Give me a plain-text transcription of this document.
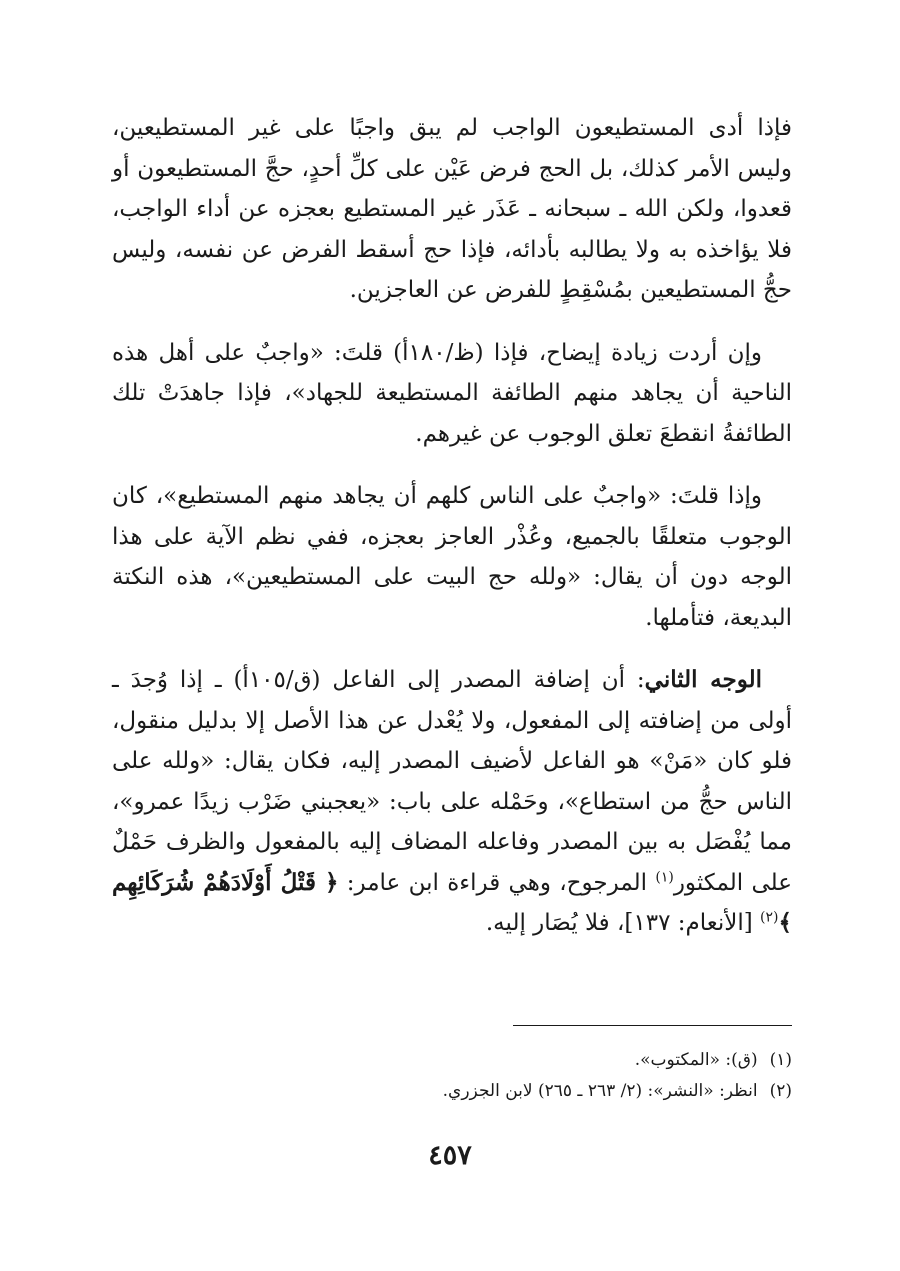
فإذا أدى المستطيعون الواجب لم يبق واجبًا على غير المستطيعين، وليس الأمر كذلك، بل الحج فرض عَيْن على كلِّ أحدٍ، حجَّ المستطيعون أو قعدوا، ولكن الله ـ سبحانه ـ عَذَر غير المستطيع بعجزه عن أداء الواجب، فلا يؤاخذه به ولا يطالبه بأدائه، فإذا حج أسقط الفرض عن نفسه، وليس حجُّ المستطيعين بمُسْقِطٍ للفرض عن العاجزين.

وإن أردت زيادة إيضاح، فإذا (ظ/١٨٠أ) قلتَ: «واجبٌ على أهل هذه الناحية أن يجاهد منهم الطائفة المستطيعة للجهاد»، فإذا جاهدَتْ تلك الطائفةُ انقطعَ تعلق الوجوب عن غيرهم.

وإذا قلتَ: «واجبٌ على الناس كلهم أن يجاهد منهم المستطيع»، كان الوجوب متعلقًا بالجميع، وعُذْر العاجز بعجزه، ففي نظم الآية على هذا الوجه دون أن يقال: «ولله حج البيت على المستطيعين»، هذه النكتة البديعة، فتأملها.

الوجه الثاني: أن إضافة المصدر إلى الفاعل (ق/١٠٥أ) ـ إذا وُجدَ ـ أولى من إضافته إلى المفعول، ولا يُعْدل عن هذا الأصل إلا بدليل منقول، فلو كان «مَنْ» هو الفاعل لأضيف المصدر إليه، فكان يقال: «ولله على الناس حجُّ من استطاع»، وحَمْله على باب: «يعجبني ضَرْب زيدًا عمرو»، مما يُفْصَل به بين المصدر وفاعله المضاف إليه بالمفعول والظرف حَمْلٌ على المكثور$^{(١)}$ المرجوح، وهي قراءة ابن عامر: ﴿ قَتْلُ أَوْلَادَهُمْ شُرَكَائِهِم ﴾$^{(٢)}$ [الأنعام: ١٣٧]، فلا يُصَار إليه.

(١)(ق): «المكتوب».

(٢)انظر: «النشر»: (٢/ ٢٦٣ ـ ٢٦٥) لابن الجزري.

٤٥٧
